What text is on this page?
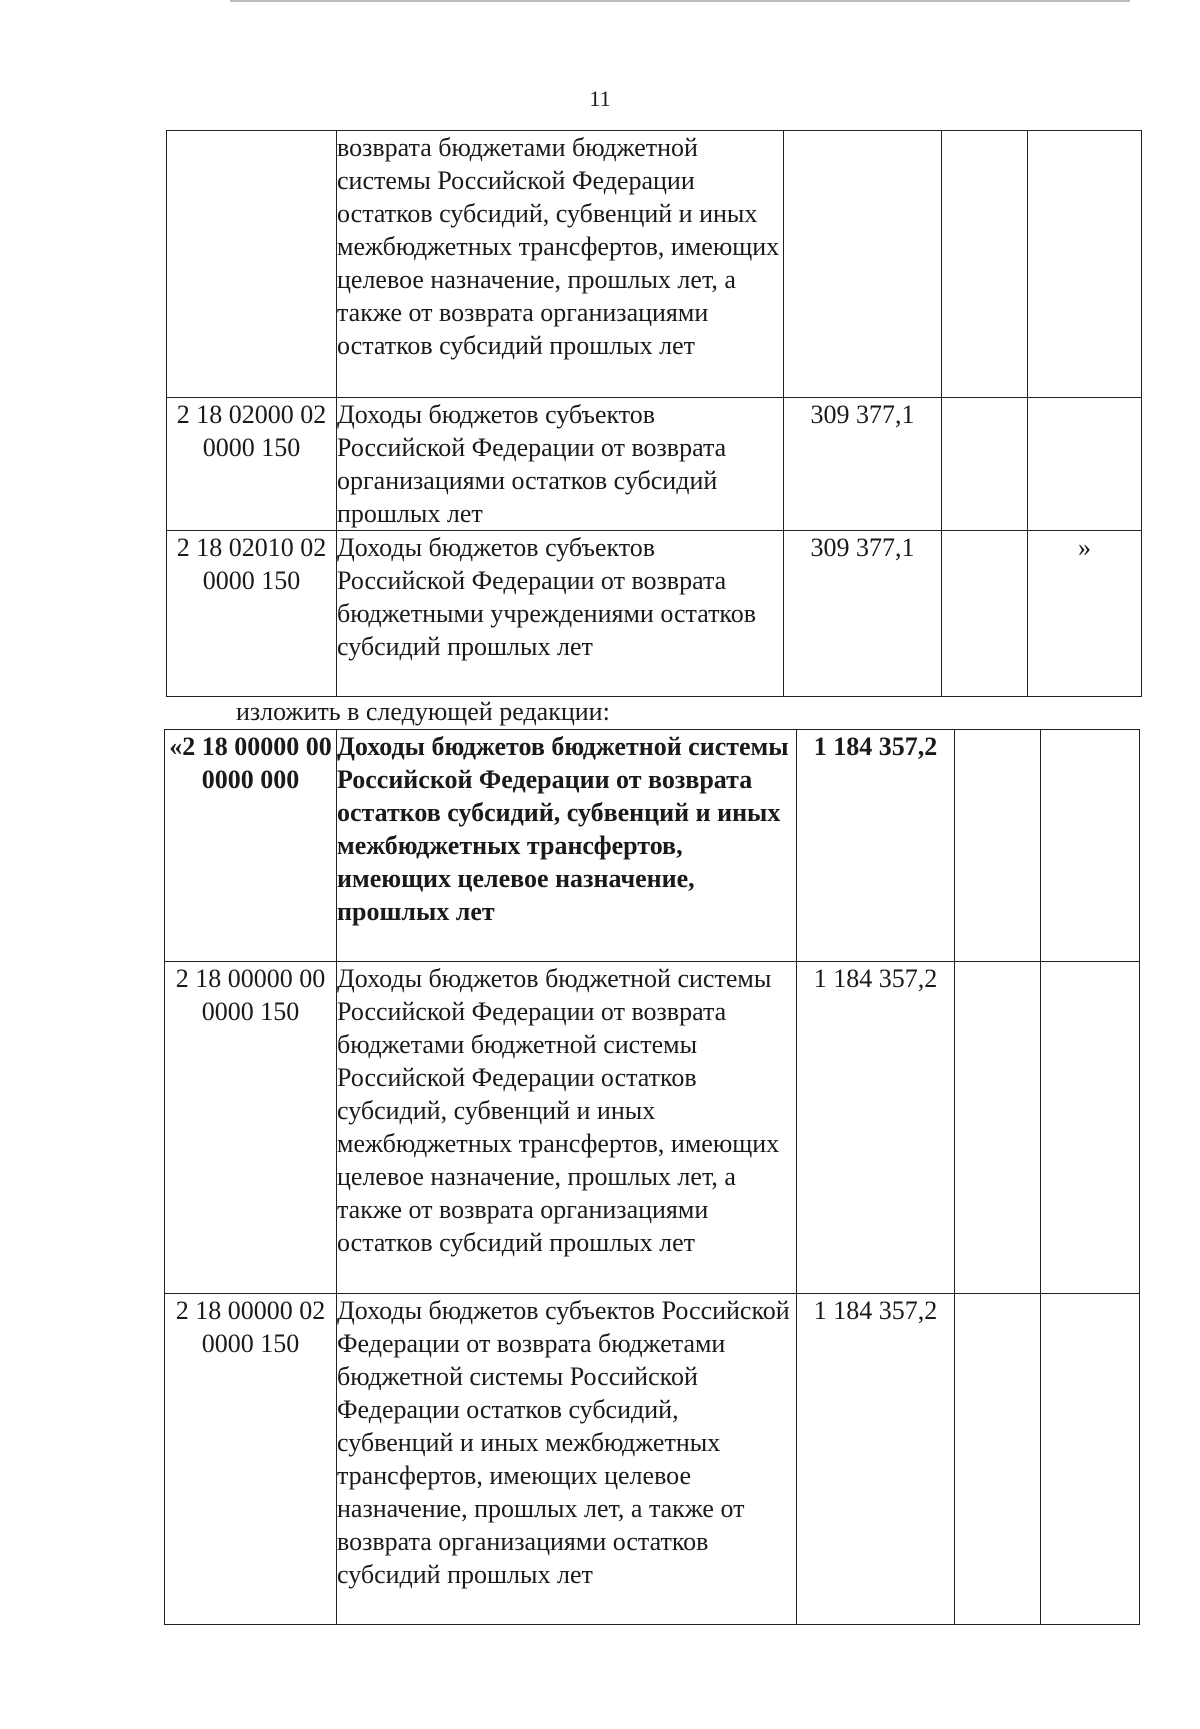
11
	возврата бюджетами бюджетной системы Российской Федерации остатков субсидий, субвенций и иных межбюджетных трансфертов, имеющих целевое назначение, прошлых лет, а также от возврата организациями остатков субсидий прошлых лет			
2 18 02000 02 0000 150	Доходы бюджетов субъектов Российской Федерации от возврата организациями остатков субсидий прошлых лет	309 377,1		
2 18 02010 02 0000 150	Доходы бюджетов субъектов Российской Федерации от возврата бюджетными учреждениями остатков субсидий прошлых лет	309 377,1		»
изложить в следующей редакции:
«2 18 00000 00 0000 000	Доходы бюджетов бюджетной системы Российской Федерации от возврата остатков субсидий, субвенций и иных межбюджетных трансфертов, имеющих целевое назначение, прошлых лет	1 184 357,2		
2 18 00000 00 0000 150	Доходы бюджетов бюджетной системы Российской Федерации от возврата бюджетами бюджетной системы Российской Федерации остатков субсидий, субвенций и иных межбюджетных трансфертов, имеющих целевое назначение, прошлых лет, а также от возврата организациями остатков субсидий прошлых лет	1 184 357,2		
2 18 00000 02 0000 150	Доходы бюджетов субъектов Российской Федерации от возврата бюджетами бюджетной системы Российской Федерации остатков субсидий, субвенций и иных межбюджетных трансфертов, имеющих целевое назначение, прошлых лет, а также от возврата организациями остатков субсидий прошлых лет	1 184 357,2		
